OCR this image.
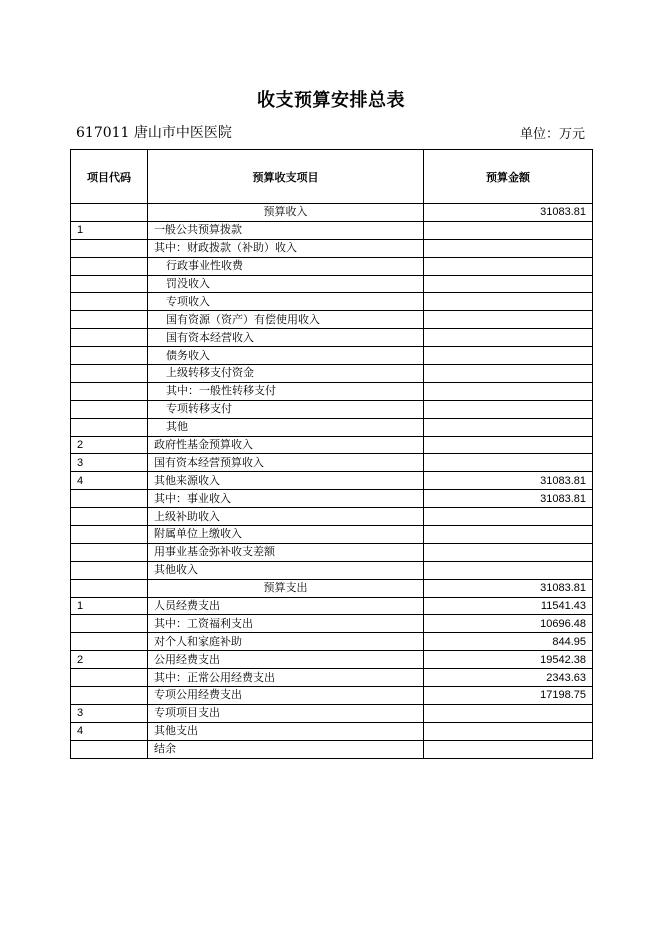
收支预算安排总表
617011 唐山市中医医院	单位：万元
项目代码	预算收支项目	预算金额
	预算收入	31083.81
1	一般公共预算拨款	
	其中：财政拨款（补助）收入	
	行政事业性收费	
	罚没收入	
	专项收入	
	国有资源（资产）有偿使用收入	
	国有资本经营收入	
	债务收入	
	上级转移支付资金	
	其中：一般性转移支付	
	专项转移支付	
	其他	
2	政府性基金预算收入	
3	国有资本经营预算收入	
4	其他来源收入	31083.81
	其中：事业收入	31083.81
	上级补助收入	
	附属单位上缴收入	
	用事业基金弥补收支差额	
	其他收入	
	预算支出	31083.81
1	人员经费支出	11541.43
	其中：工资福利支出	10696.48
	对个人和家庭补助	844.95
2	公用经费支出	19542.38
	其中：正常公用经费支出	2343.63
	专项公用经费支出	17198.75
3	专项项目支出	
4	其他支出	
	结余	
